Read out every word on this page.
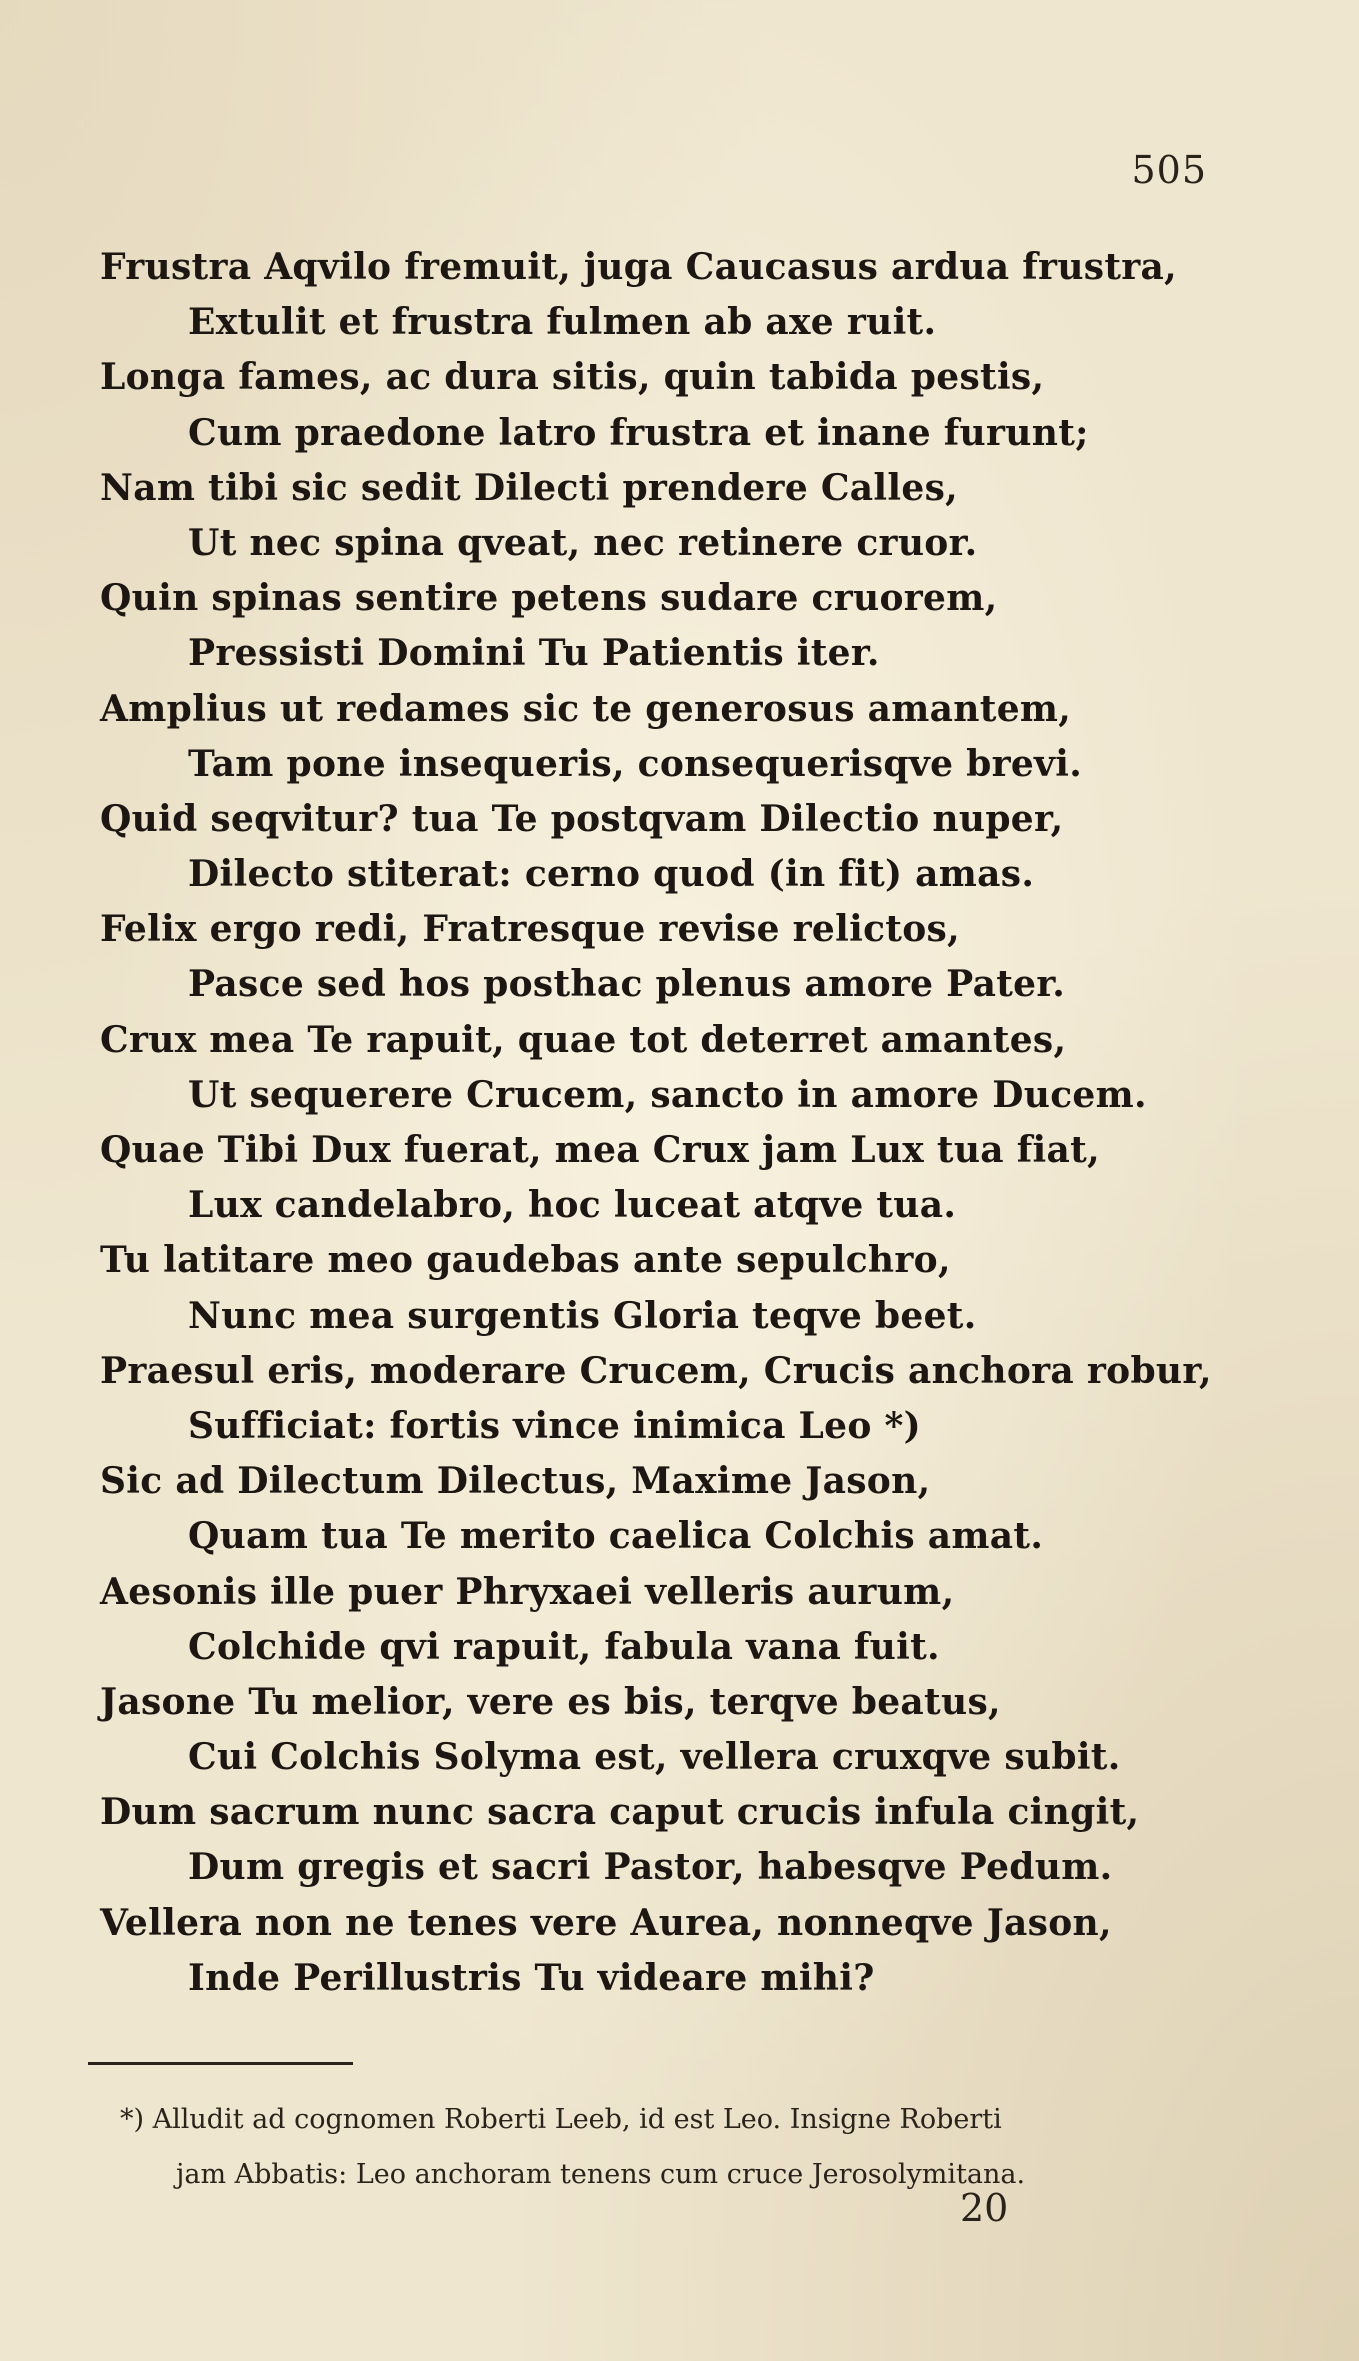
505
Frustra Aqvilo fremuit, juga Caucasus ardua frustra,
Extulit et frustra fulmen ab axe ruit.
Longa fames, ac dura sitis, quin tabida pestis,
Cum praedone latro frustra et inane furunt;
Nam tibi sic sedit Dilecti prendere Calles,
Ut nec spina qveat, nec retinere cruor.
Quin spinas sentire petens sudare cruorem,
Pressisti Domini Tu Patientis iter.
Amplius ut redames sic te generosus amantem,
Tam pone insequeris, consequerisqve brevi.
Quid seqvitur? tua Te postqvam Dilectio nuper,
Dilecto stiterat: cerno quod (in fit) amas.
Felix ergo redi, Fratresque revise relictos,
Pasce sed hos posthac plenus amore Pater.
Crux mea Te rapuit, quae tot deterret amantes,
Ut sequerere Crucem, sancto in amore Ducem.
Quae Tibi Dux fuerat, mea Crux jam Lux tua fiat,
Lux candelabro, hoc luceat atqve tua.
Tu latitare meo gaudebas ante sepulchro,
Nunc mea surgentis Gloria teqve beet.
Praesul eris, moderare Crucem, Crucis anchora robur,
Sufficiat: fortis vince inimica Leo *)
Sic ad Dilectum Dilectus, Maxime Jason,
Quam tua Te merito caelica Colchis amat.
Aesonis ille puer Phryxaei velleris aurum,
Colchide qvi rapuit, fabula vana fuit.
Jasone Tu melior, vere es bis, terqve beatus,
Cui Colchis Solyma est, vellera cruxqve subit.
Dum sacrum nunc sacra caput crucis infula cingit,
Dum gregis et sacri Pastor, habesqve Pedum.
Vellera non ne tenes vere Aurea, nonneqve Jason,
Inde Perillustris Tu videare mihi?
*) Alludit ad cognomen Roberti Leeb, id est Leo. Insigne Roberti
jam Abbatis: Leo anchoram tenens cum cruce Jerosolymitana.
20
